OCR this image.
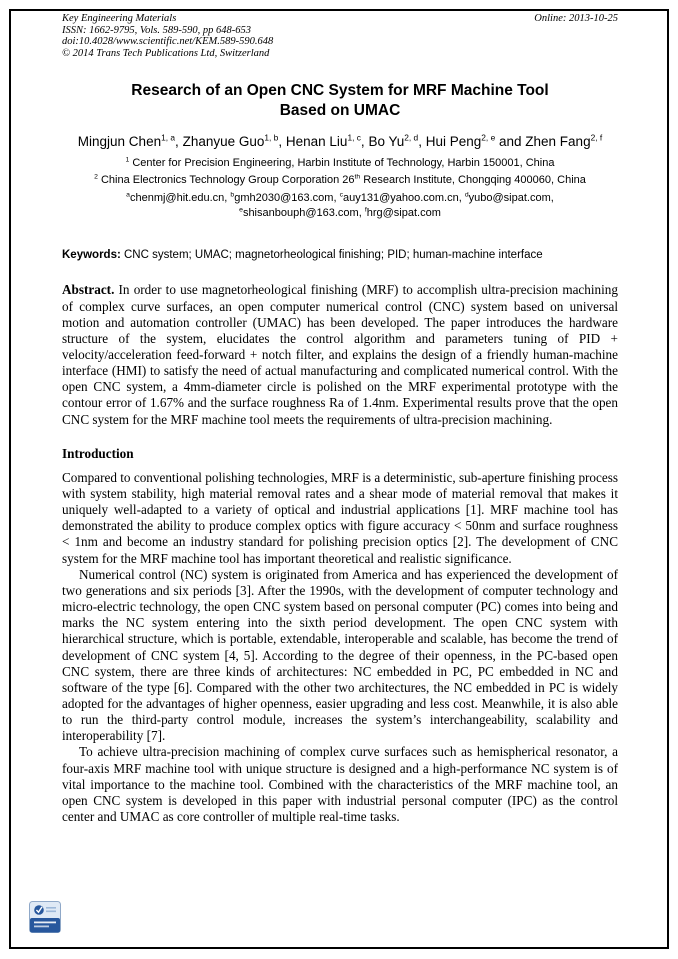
Key Engineering Materials
ISSN: 1662-9795, Vols. 589-590, pp 648-653
doi:10.4028/www.scientific.net/KEM.589-590.648
© 2014 Trans Tech Publications Ltd, Switzerland
Online: 2013-10-25
Research of an Open CNC System for MRF Machine Tool
Based on UMAC
Mingjun Chen$^{1, a}$, Zhanyue Guo$^{1, b}$, Henan Liu$^{1, c}$, Bo Yu$^{2, d}$, Hui Peng$^{2, e}$ and Zhen Fang$^{2, f}$
$^1$ Center for Precision Engineering, Harbin Institute of Technology, Harbin 150001, China
$^2$ China Electronics Technology Group Corporation 26th Research Institute, Chongqing 400060, China
$^a$chenmj@hit.edu.cn, $^b$gmh2030@163.com, $^c$auy131@yahoo.com.cn, $^d$yubo@sipat.com, $^e$shisanbouph@163.com, $^f$hrg@sipat.com
Keywords: CNC system; UMAC; magnetorheological finishing; PID; human-machine interface

Abstract. In order to use magnetorheological finishing (MRF) to accomplish ultra-precision machining of complex curve surfaces, an open computer numerical control (CNC) system based on universal motion and automation controller (UMAC) has been developed. The paper introduces the hardware structure of the system, elucidates the control algorithm and parameters tuning of PID + velocity/acceleration feed-forward + notch filter, and explains the design of a friendly human-machine interface (HMI) to satisfy the need of actual manufacturing and complicated numerical control. With the open CNC system, a 4mm-diameter circle is polished on the MRF experimental prototype with the contour error of 1.67% and the surface roughness Ra of 1.4nm. Experimental results prove that the open CNC system for the MRF machine tool meets the requirements of ultra-precision machining.

Introduction

Compared to conventional polishing technologies, MRF is a deterministic, sub-aperture finishing process with system stability, high material removal rates and a shear mode of material removal that makes it uniquely well-adapted to a variety of optical and industrial applications [1]. MRF machine tool has demonstrated the ability to produce complex optics with figure accuracy < 50nm and surface roughness < 1nm and become an industry standard for polishing precision optics [2]. The development of CNC system for the MRF machine tool has important theoretical and realistic significance.

Numerical control (NC) system is originated from America and has experienced the development of two generations and six periods [3]. After the 1990s, with the development of computer technology and micro-electric technology, the open CNC system based on personal computer (PC) comes into being and marks the NC system entering into the sixth period development. The open CNC system with hierarchical structure, which is portable, extendable, interoperable and scalable, has become the trend of development of CNC system [4, 5]. According to the degree of their openness, in the PC-based open CNC system, there are three kinds of architectures: NC embedded in PC, PC embedded in NC and software of the type [6]. Compared with the other two architectures, the NC embedded in PC is widely adopted for the advantages of higher openness, easier upgrading and less cost. Meanwhile, it is also able to run the third-party control module, increases the system’s interchangeability, scalability and interoperability [7].

To achieve ultra-precision machining of complex curve surfaces such as hemispherical resonator, a four-axis MRF machine tool with unique structure is designed and a high-performance NC system is of vital importance to the machine tool. Combined with the characteristics of the MRF machine tool, an open CNC system is developed in this paper with industrial personal computer (IPC) as the control center and UMAC as core controller of multiple real-time tasks.
